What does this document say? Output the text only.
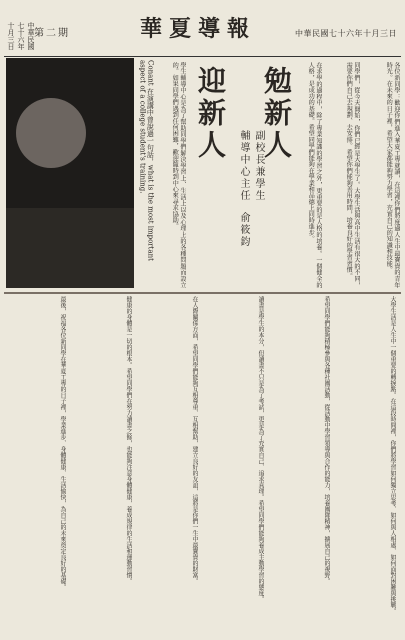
中華民國七十六年十月三日	第二期	華夏導報	中華民國七十六年十月三日
Conant 在演講中曾說過一句話，what is the most important aspect of a college student's training.	學生輔導中心是為了幫助同學們解決學習上、生活上以及心理上的各種問題而設立的。如果同學們遇到任何困難，歡迎隨時到中心來尋求協助。 迎新人 勉新人
副校長兼學生輔導中心主任
俞筱鈞	在求學的過程中，除了專業知識的學習之外，更重要的是人格的培養。一個健全的人格，是成功的基礎。希望同學們能夠在學業和品德上同時進步。	同學們，從今天開始，你們已經是大學生了。大學生活與高中生活有很大的不同，需要你們自己去規劃、去安排。希望你們能夠善用時間，培養良好的學習習慣。	各位新同學：歡迎你們進入華夏工專就讀，在這裡你們將度過人生中最寶貴的青年時光。在未來的日子裡，希望大家都能夠努力學習，充實自己的知識和技能。
最後，祝福各位新同學在華夏工專的日子裡，學業進步、身體健康、生活愉快，為自己的未來奠定良好的基礎。	健康的身體是一切的根本。希望同學們在努力讀書之餘，也能夠注意身體健康，養成規律的生活和運動習慣。	在人際關係方面，希望同學們能夠互相尊重、互相幫助，建立良好的友誼，這將是你們一生中最寶貴的財富。	讀書是學生的本分，但讀書不只是為了考試，更是為了充實自己、追求真理。希望同學們能夠養成主動學習的態度。	希望同學們能夠積極參與各種社團活動，從活動中學習領導與合作的能力，培養團隊精神，擴展自己的視野。	大學生活是人生中一個重要的轉捩點。在這段時間裡，你們將學習如何獨立思考、如何與人相處、如何面對困難與挑戰。
